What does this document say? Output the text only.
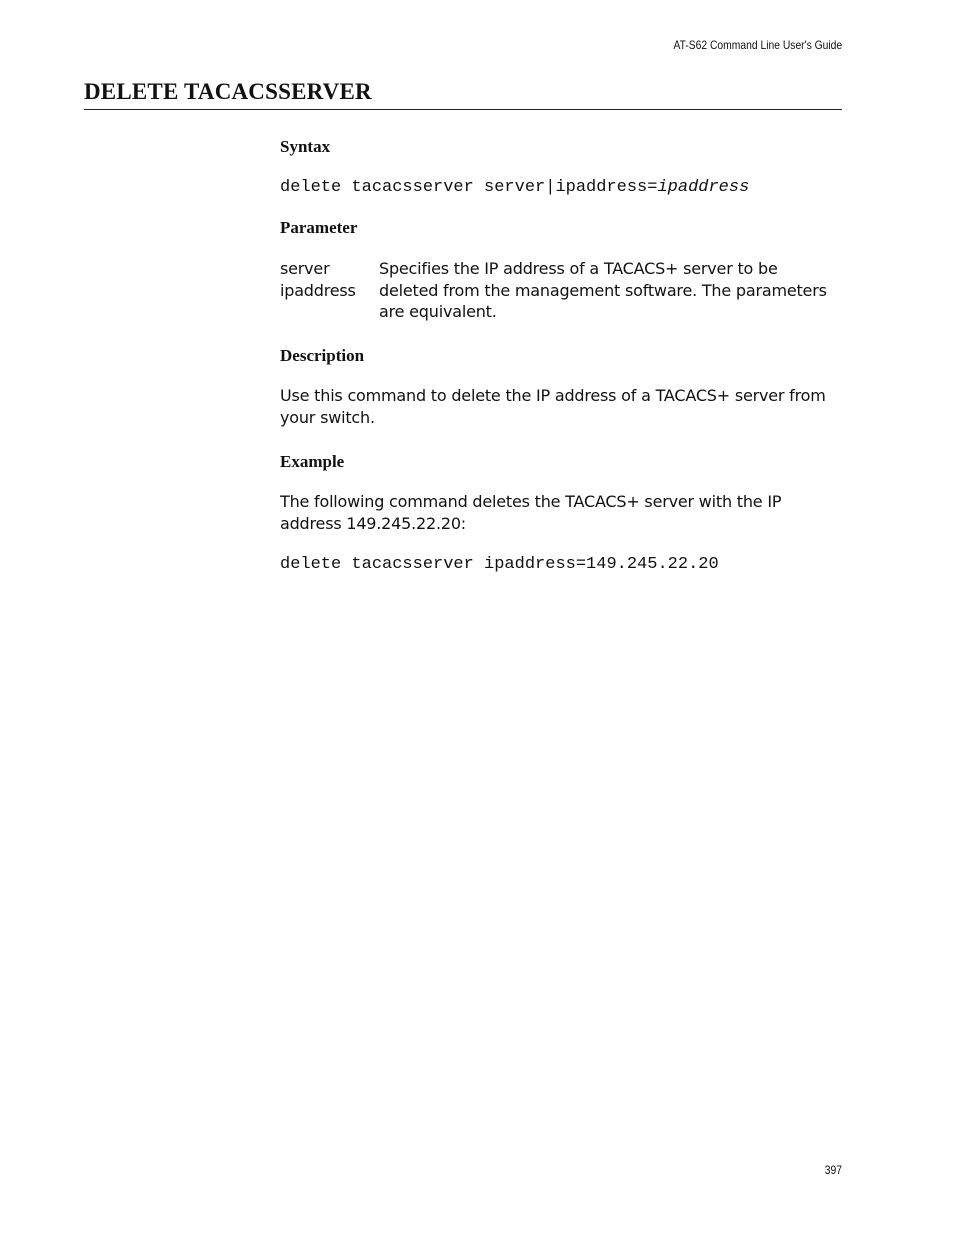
AT-S62 Command Line User's Guide
DELETE TACACSSERVER
Syntax

delete tacacsserver server|ipaddress=ipaddress

Parameter
server
ipaddress

Specifies the IP address of a TACACS+ server to be deleted from the management software. The parameters are equivalent.

Description

Use this command to delete the IP address of a TACACS+ server from your switch.

Example

The following command deletes the TACACS+ server with the IP address 149.245.22.20:

delete tacacsserver ipaddress=149.245.22.20

397
